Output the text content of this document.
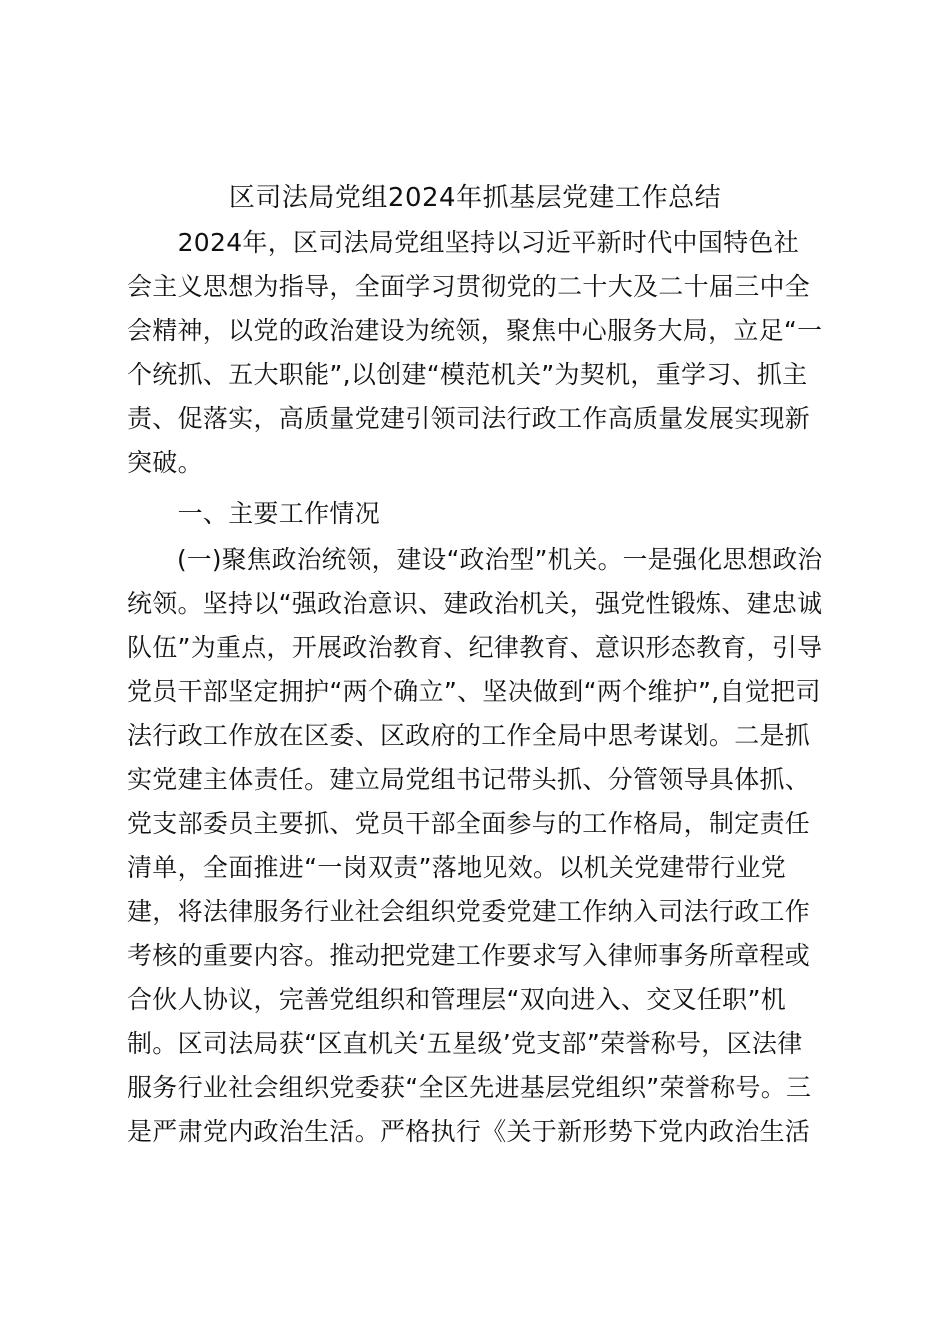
区司法局党组2024年抓基层党建工作总结
　　2024年，区司法局党组坚持以习近平新时代中国特色社
会主义思想为指导，全面学习贯彻党的二十大及二十届三中全
会精神，以党的政治建设为统领，聚焦中心服务大局，立足“一
个统抓、五大职能”,以创建“模范机关”为契机，重学习、抓主
责、促落实，高质量党建引领司法行政工作高质量发展实现新
突破。
　　一、主要工作情况
　　(一)聚焦政治统领，建设“政治型”机关。一是强化思想政治
统领。坚持以“强政治意识、建政治机关，强党性锻炼、建忠诚
队伍”为重点，开展政治教育、纪律教育、意识形态教育，引导
党员干部坚定拥护“两个确立”、坚决做到“两个维护”,自觉把司
法行政工作放在区委、区政府的工作全局中思考谋划。二是抓
实党建主体责任。建立局党组书记带头抓、分管领导具体抓、
党支部委员主要抓、党员干部全面参与的工作格局，制定责任
清单，全面推进“一岗双责”落地见效。以机关党建带行业党
建，将法律服务行业社会组织党委党建工作纳入司法行政工作
考核的重要内容。推动把党建工作要求写入律师事务所章程或
合伙人协议，完善党组织和管理层“双向进入、交叉任职”机
制。区司法局获“区直机关‘五星级’党支部”荣誉称号，区法律
服务行业社会组织党委获“全区先进基层党组织”荣誉称号。三
是严肃党内政治生活。严格执行《关于新形势下党内政治生活
